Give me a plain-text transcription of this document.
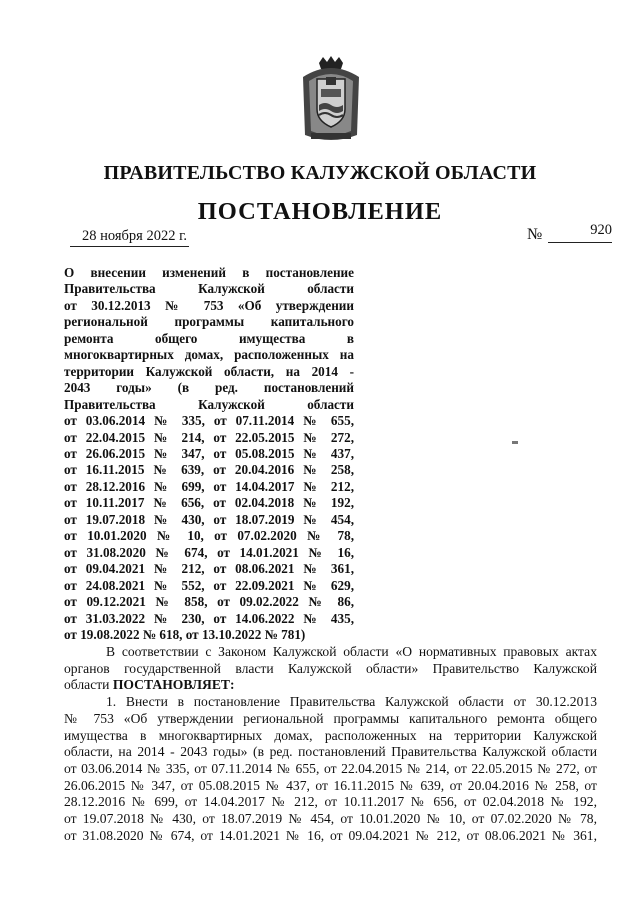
ПРАВИТЕЛЬСТВО КАЛУЖСКОЙ ОБЛАСТИ
ПОСТАНОВЛЕНИЕ
28 ноября 2022 г.	№	920
О внесении изменений в постановление
Правительства Калужской области
от 30.12.2013 № 753 «Об утверждении
региональной программы капитального
ремонта общего имущества в
многоквартирных домах, расположенных на
территории Калужской области, на 2014 -
2043 годы» (в ред. постановлений
Правительства Калужской области
от 03.06.2014 № 335, от 07.11.2014 № 655,
от 22.04.2015 № 214, от 22.05.2015 № 272,
от 26.06.2015 № 347, от 05.08.2015 № 437,
от 16.11.2015 № 639, от 20.04.2016 № 258,
от 28.12.2016 № 699, от 14.04.2017 № 212,
от 10.11.2017 № 656, от 02.04.2018 № 192,
от 19.07.2018 № 430, от 18.07.2019 № 454,
от 10.01.2020 № 10, от 07.02.2020 № 78,
от 31.08.2020 № 674, от 14.01.2021 № 16,
от 09.04.2021 № 212, от 08.06.2021 № 361,
от 24.08.2021 № 552, от 22.09.2021 № 629,
от 09.12.2021 № 858, от 09.02.2022 № 86,
от 31.03.2022 № 230, от 14.06.2022 № 435,
от 19.08.2022 № 618, от 13.10.2022 № 781)
В соответствии с Законом Калужской области «О нормативных правовых актах
органов государственной власти Калужской области» Правительство Калужской
области ПОСТАНОВЛЯЕТ:
1. Внести в постановление Правительства Калужской области от 30.12.2013
№ 753 «Об утверждении региональной программы капитального ремонта общего
имущества в многоквартирных домах, расположенных на территории Калужской
области, на 2014 - 2043 годы» (в ред. постановлений Правительства Калужской области
от 03.06.2014 № 335, от 07.11.2014 № 655, от 22.04.2015 № 214, от 22.05.2015 № 272, от
26.06.2015 № 347, от 05.08.2015 № 437, от 16.11.2015 № 639, от 20.04.2016 № 258, от
28.12.2016 № 699, от 14.04.2017 № 212, от 10.11.2017 № 656, от 02.04.2018 № 192,
от 19.07.2018 № 430, от 18.07.2019 № 454, от 10.01.2020 № 10, от 07.02.2020 № 78,
от 31.08.2020 № 674, от 14.01.2021 № 16, от 09.04.2021 № 212, от 08.06.2021 № 361,
